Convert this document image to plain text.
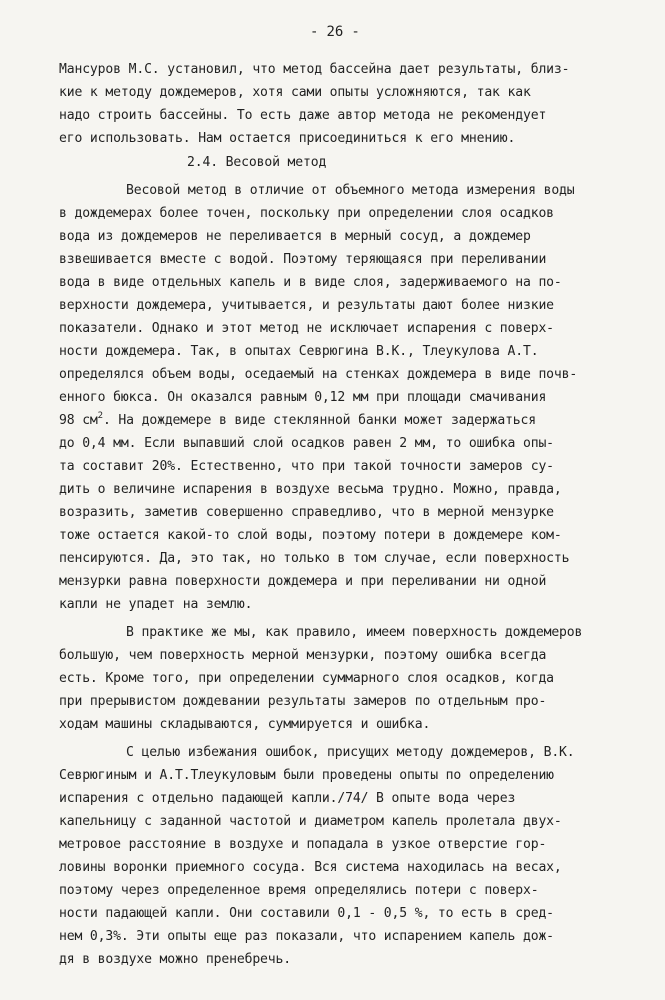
- 26 -
Мансуров М.С. установил, что метод бассейна дает результаты, близ-
кие к методу дождемеров, хотя сами опыты усложняются, так как
надо строить бассейны. То есть даже автор метода не рекомендует
его использовать. Нам остается присоединиться к его мнению.
2.4. Весовой метод
Весовой метод в отличие от объемного метода измерения воды
в дождемерах более точен, поскольку при определении слоя осадков
вода из дождемеров не переливается в мерный сосуд, а дождемер
взвешивается вместе с водой. Поэтому теряющаяся при переливании
вода в виде отдельных капель и в виде слоя, задерживаемого на по-
верхности дождемера, учитывается, и результаты дают более низкие
показатели. Однако и этот метод не исключает испарения с поверх-
ности дождемера. Так, в опытах Севрюгина В.К., Тлеукулова А.Т.
определялся объем воды, оседаемый на стенках дождемера в виде почв-
енного бюкса. Он оказался равным 0,12 мм при площади смачивания
98 $см^2$. На дождемере в виде стеклянной банки может задержаться
до 0,4 мм. Если выпавший слой осадков равен 2 мм, то ошибка опы-
та составит 20%. Естественно, что при такой точности замеров су-
дить о величине испарения в воздухе весьма трудно. Можно, правда,
возразить, заметив совершенно справедливо, что в мерной мензурке
тоже остается какой-то слой воды, поэтому потери в дождемере ком-
пенсируются. Да, это так, но только в том случае, если поверхность
мензурки равна поверхности дождемера и при переливании ни одной
капли не упадет на землю.
В практике же мы, как правило, имеем поверхность дождемеров
большую, чем поверхность мерной мензурки, поэтому ошибка всегда
есть. Кроме того, при определении суммарного слоя осадков, когда
при прерывистом дождевании результаты замеров по отдельным про-
ходам машины складываются, суммируется и ошибка.
С целью избежания ошибок, присущих методу дождемеров, В.К.
Севрюгиным и А.Т.Тлеукуловым были проведены опыты по определению
испарения с отдельно падающей капли./74/ В опыте вода через
капельницу с заданной частотой и диаметром капель пролетала двух-
метровое расстояние в воздухе и попадала в узкое отверстие гор-
ловины воронки приемного сосуда. Вся система находилась на весах,
поэтому через определенное время определялись потери с поверх-
ности падающей капли. Они составили 0,1 - 0,5 %, то есть в сред-
нем 0,3%. Эти опыты еще раз показали, что испарением капель дож-
дя в воздухе можно пренебречь.
